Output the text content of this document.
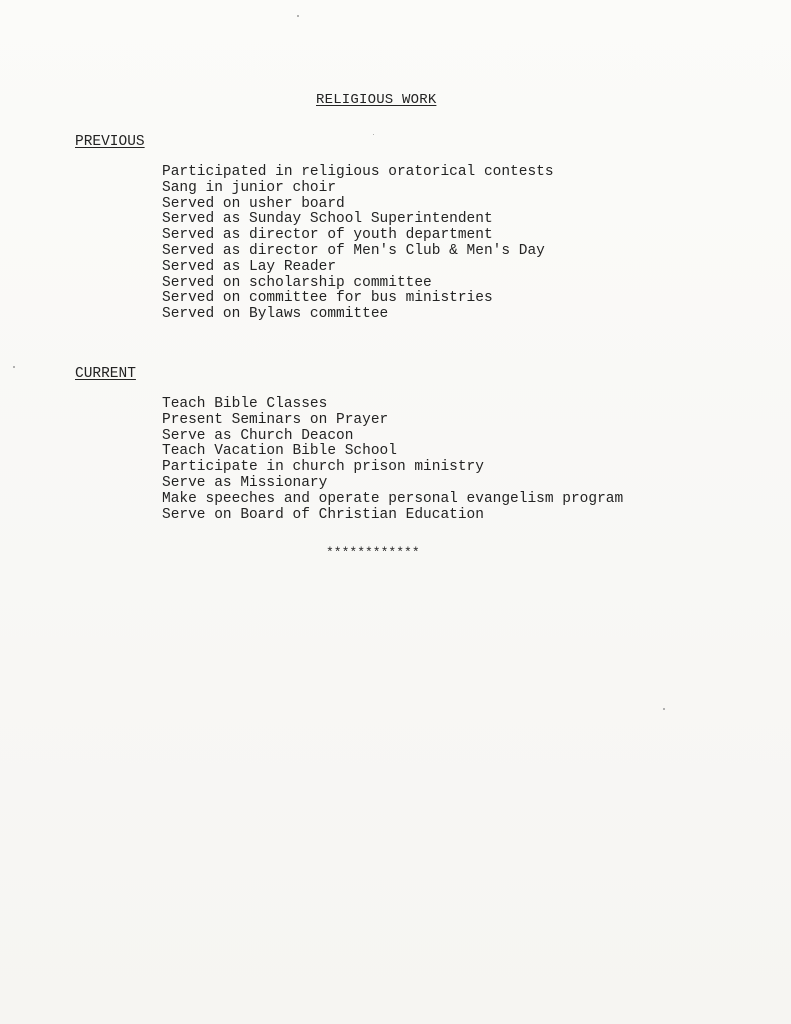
RELIGIOUS WORK
PREVIOUS
Participated in religious oratorical contests
Sang in junior choir
Served on usher board
Served as Sunday School Superintendent
Served as director of youth department
Served as director of Men's Club & Men's Day
Served as Lay Reader
Served on scholarship committee
Served on committee for bus ministries
Served on Bylaws committee
CURRENT
Teach Bible Classes
Present Seminars on Prayer
Serve as Church Deacon
Teach Vacation Bible School
Participate in church prison ministry
Serve as Missionary
Make speeches and operate personal evangelism program
Serve on Board of Christian Education
************
